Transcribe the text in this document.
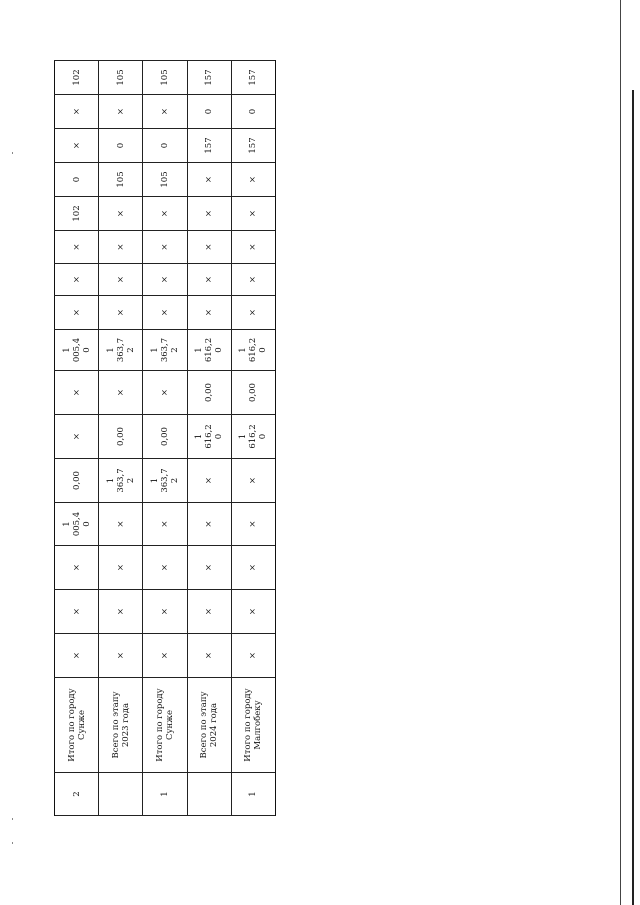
2	Итого по городу
Сунже	×	×	×	1
005,4
0	0,00	×	×	1
005,4
0	×	×	×	102	0	×	×	102
	Всего по этапу
2023 года	×	×	×	×	1
363,7
2	0,00	×	1
363,7
2	×	×	×	×	105	0	×	105
1	Итого по городу
Сунже	×	×	×	×	1
363,7
2	0,00	×	1
363,7
2	×	×	×	×	105	0	×	105
	Всего по этапу
2024 года	×	×	×	×	×	1
616,2
0	0,00	1
616,2
0	×	×	×	×	×	157	0	157
1	Итого по городу
Малгобеку	×	×	×	×	×	1
616,2
0	0,00	1
616,2
0	×	×	×	×	×	157	0	157
